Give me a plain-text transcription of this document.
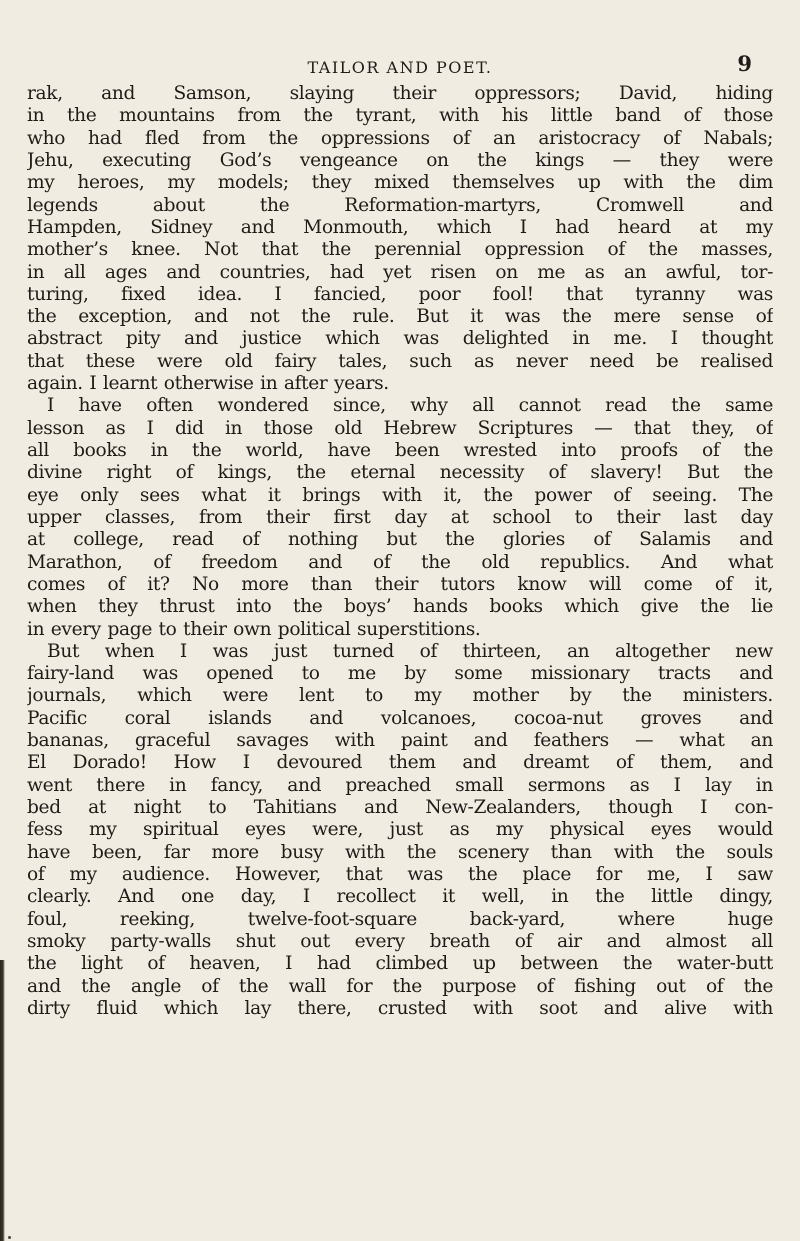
TAILOR AND POET.	9
rak, and Samson, slaying their oppressors; David, hiding
in the mountains from the tyrant, with his little band of those
who had fled from the oppressions of an aristocracy of Nabals;
Jehu, executing God’s vengeance on the kings — they were
my heroes, my models; they mixed themselves up with the dim
legends about the Reformation-martyrs, Cromwell and
Hampden, Sidney and Monmouth, which I had heard at my
mother’s knee. Not that the perennial oppression of the masses,
in all ages and countries, had yet risen on me as an awful, tor-
turing, fixed idea. I fancied, poor fool! that tyranny was
the exception, and not the rule. But it was the mere sense of
abstract pity and justice which was delighted in me. I thought
that these were old fairy tales, such as never need be realised
again. I learnt otherwise in after years.
I have often wondered since, why all cannot read the same
lesson as I did in those old Hebrew Scriptures — that they, of
all books in the world, have been wrested into proofs of the
divine right of kings, the eternal necessity of slavery! But the
eye only sees what it brings with it, the power of seeing. The
upper classes, from their first day at school to their last day
at college, read of nothing but the glories of Salamis and
Marathon, of freedom and of the old republics. And what
comes of it? No more than their tutors know will come of it,
when they thrust into the boys’ hands books which give the lie
in every page to their own political superstitions.
But when I was just turned of thirteen, an altogether new
fairy-land was opened to me by some missionary tracts and
journals, which were lent to my mother by the ministers.
Pacific coral islands and volcanoes, cocoa-nut groves and
bananas, graceful savages with paint and feathers — what an
El Dorado! How I devoured them and dreamt of them, and
went there in fancy, and preached small sermons as I lay in
bed at night to Tahitians and New-Zealanders, though I con-
fess my spiritual eyes were, just as my physical eyes would
have been, far more busy with the scenery than with the souls
of my audience. However, that was the place for me, I saw
clearly. And one day, I recollect it well, in the little dingy,
foul, reeking, twelve-foot-square back-yard, where huge
smoky party-walls shut out every breath of air and almost all
the light of heaven, I had climbed up between the water-butt
and the angle of the wall for the purpose of fishing out of the
dirty fluid which lay there, crusted with soot and alive with
